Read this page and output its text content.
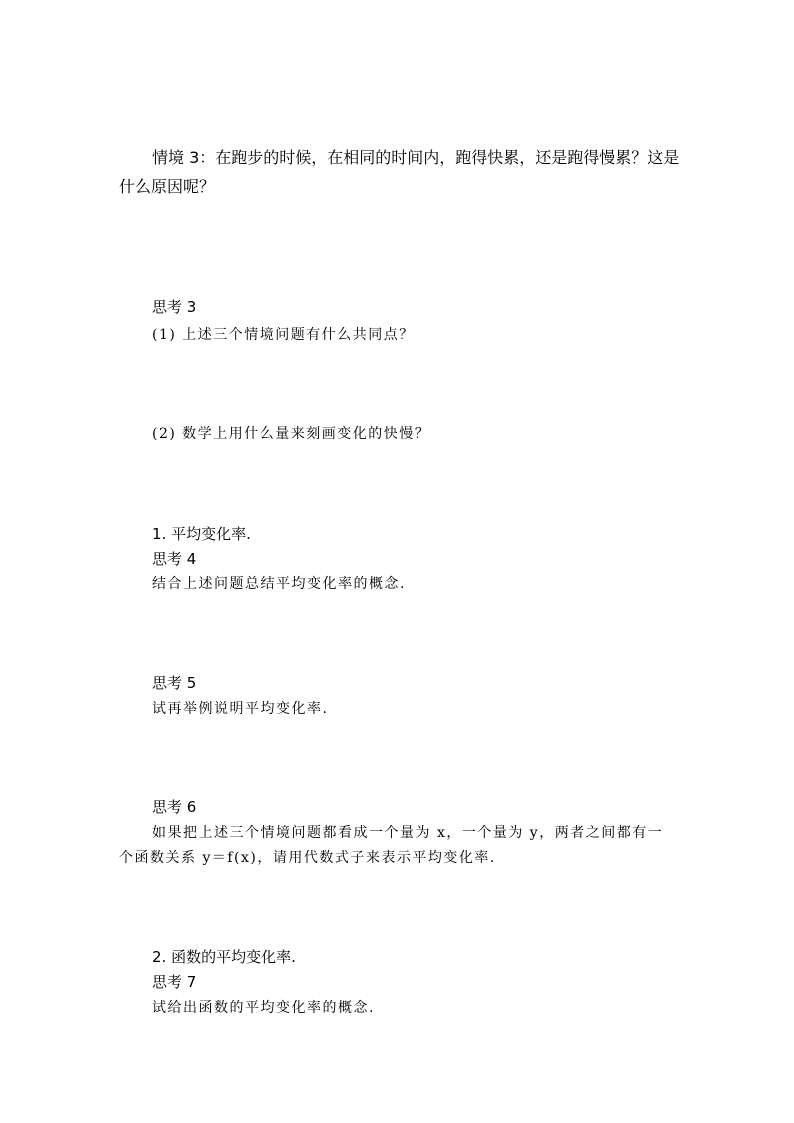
情境 3：在跑步的时候，在相同的时间内，跑得快累，还是跑得慢累？这是
什么原因呢？
思考 3
(1) 上述三个情境问题有什么共同点？
(2) 数学上用什么量来刻画变化的快慢？
1. 平均变化率.
思考 4
结合上述问题总结平均变化率的概念.
思考 5
试再举例说明平均变化率.
思考 6
如果把上述三个情境问题都看成一个量为 x，一个量为 y，两者之间都有一
个函数关系 y＝f(x)，请用代数式子来表示平均变化率.
2. 函数的平均变化率.
思考 7
试给出函数的平均变化率的概念.
